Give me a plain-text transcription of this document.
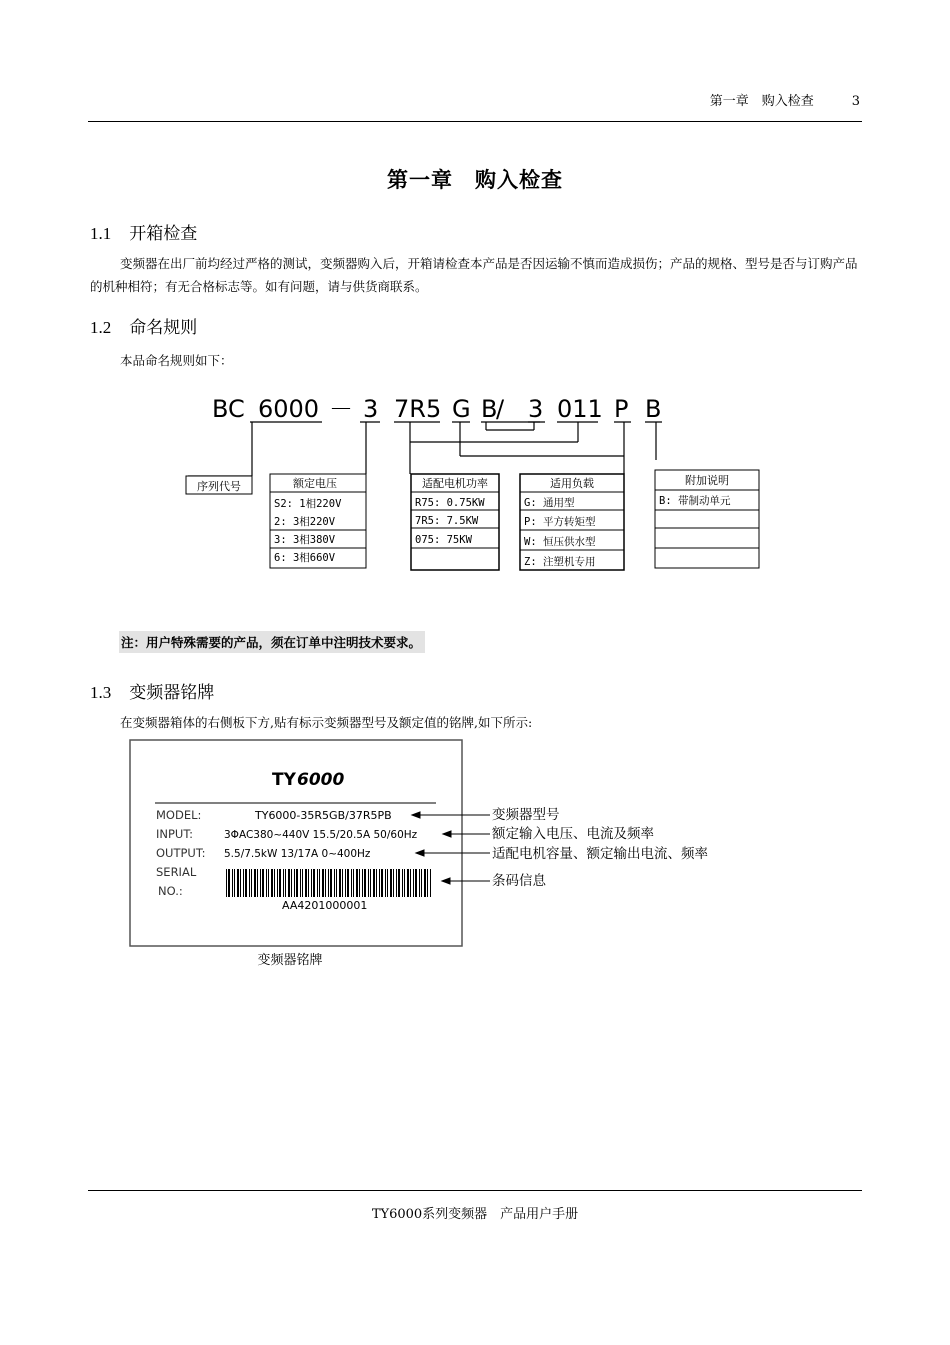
第一章　购入检查	3
第一章　购入检查
1.1 开箱检查
变频器在出厂前均经过严格的测试，变频器购入后，开箱请检查本产品是否因运输不慎而造成损伤；产品的规格、型号是否与订购产品的机种相符；有无合格标志等。如有问题，请与供货商联系。
1.2 命名规则
本品命名规则如下：
BC 6000 － 3 7R5 G B
/ 3 011 P B
序列代号	额定电压
S2: 1相220V
2: 3相220V
3: 3相380V
6: 3相660V
适配电机功率
R75: 0.75KW
7R5: 7.5KW
075: 75KW
适用负载
G: 通用型
P: 平方转矩型
W: 恒压供水型
Z: 注塑机专用
附加说明
B: 带制动单元
注：用户特殊需要的产品，须在订单中注明技术要求。
1.3 变频器铭牌
在变频器箱体的右侧板下方,贴有标示变频器型号及额定值的铭牌,如下所示:
TY 6000
MODEL:	TY6000-35R5GB/37R5PB
INPUT:	3ΦAC380~440V 15.5/20.5A 50/60Hz
OUTPUT: 5.5/7.5kW 13/17A 0~400Hz
SERIAL
NO.:
AA4201000001
变频器型号
额定输入电压、电流及频率
适配电机容量、额定输出电流、频率
条码信息
变频器铭牌
TY6000系列变频器　产品用户手册
